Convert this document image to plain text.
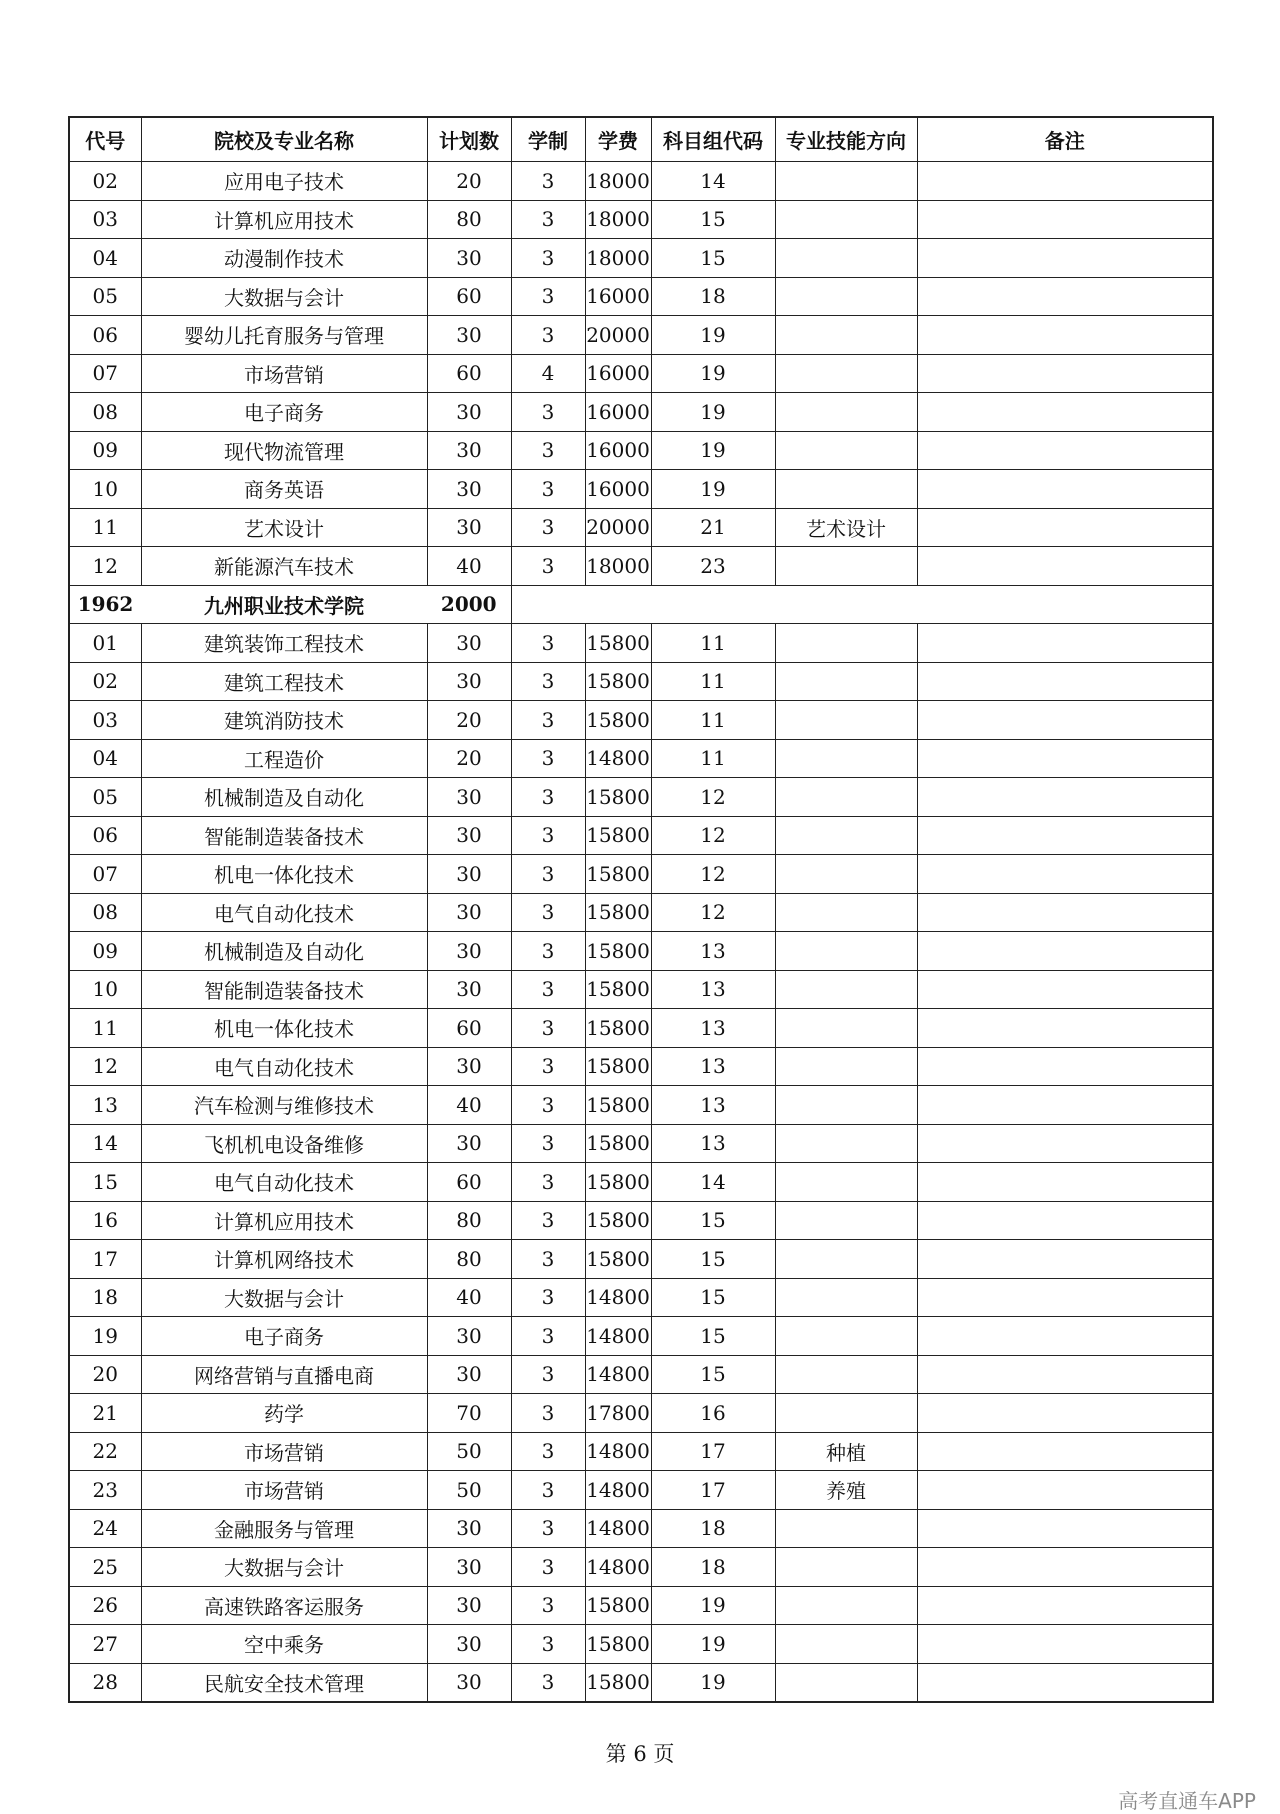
代号	院校及专业名称	计划数	学制	学费	科目组代码	专业技能方向	备注
02	应用电子技术	20	3	18000	14		
03	计算机应用技术	80	3	18000	15		
04	动漫制作技术	30	3	18000	15		
05	大数据与会计	60	3	16000	18		
06	婴幼儿托育服务与管理	30	3	20000	19		
07	市场营销	60	4	16000	19		
08	电子商务	30	3	16000	19		
09	现代物流管理	30	3	16000	19		
10	商务英语	30	3	16000	19		
11	艺术设计	30	3	20000	21	艺术设计	
12	新能源汽车技术	40	3	18000	23		
1962	九州职业技术学院	2000					
01	建筑装饰工程技术	30	3	15800	11		
02	建筑工程技术	30	3	15800	11		
03	建筑消防技术	20	3	15800	11		
04	工程造价	20	3	14800	11		
05	机械制造及自动化	30	3	15800	12		
06	智能制造装备技术	30	3	15800	12		
07	机电一体化技术	30	3	15800	12		
08	电气自动化技术	30	3	15800	12		
09	机械制造及自动化	30	3	15800	13		
10	智能制造装备技术	30	3	15800	13		
11	机电一体化技术	60	3	15800	13		
12	电气自动化技术	30	3	15800	13		
13	汽车检测与维修技术	40	3	15800	13		
14	飞机机电设备维修	30	3	15800	13		
15	电气自动化技术	60	3	15800	14		
16	计算机应用技术	80	3	15800	15		
17	计算机网络技术	80	3	15800	15		
18	大数据与会计	40	3	14800	15		
19	电子商务	30	3	14800	15		
20	网络营销与直播电商	30	3	14800	15		
21	药学	70	3	17800	16		
22	市场营销	50	3	14800	17	种植	
23	市场营销	50	3	14800	17	养殖	
24	金融服务与管理	30	3	14800	18		
25	大数据与会计	30	3	14800	18		
26	高速铁路客运服务	30	3	15800	19		
27	空中乘务	30	3	15800	19		
28	民航安全技术管理	30	3	15800	19		
第 6 页
高考直通车APP
